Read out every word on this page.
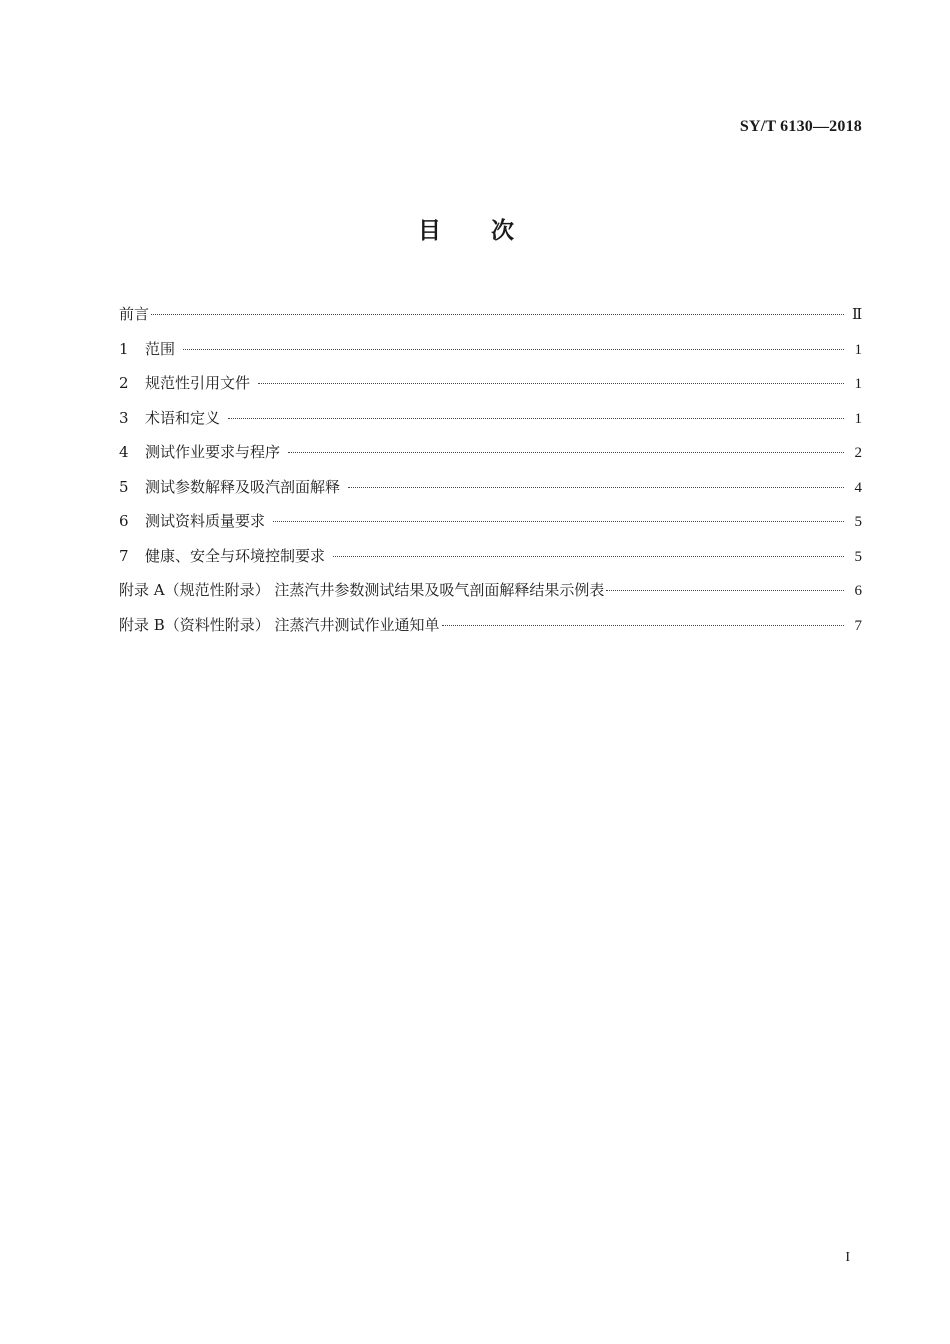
SY/T 6130—2018
目次
前言	Ⅱ
1	范围	1
2	规范性引用文件	1
3	术语和定义	1
4	测试作业要求与程序	2
5	测试参数解释及吸汽剖面解释	4
6	测试资料质量要求	5
7	健康、安全与环境控制要求	5
附录 A（规范性附录） 注蒸汽井参数测试结果及吸气剖面解释结果示例表	6
附录 B（资料性附录） 注蒸汽井测试作业通知单	7
I
